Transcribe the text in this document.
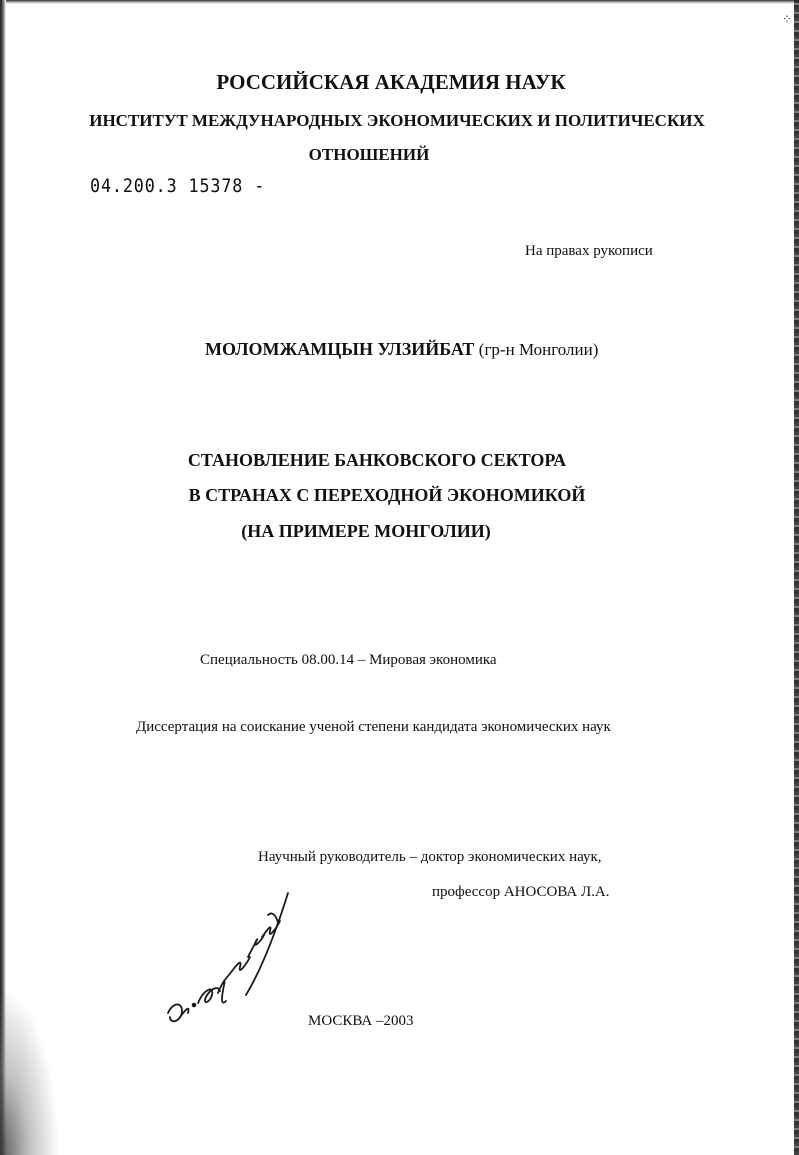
⁘
РОССИЙСКАЯ АКАДЕМИЯ НАУК
ИНСТИТУТ МЕЖДУНАРОДНЫХ ЭКОНОМИЧЕСКИХ И ПОЛИТИЧЕСКИХ
ОТНОШЕНИЙ
04.200.3 15378 -
На правах рукописи
МОЛОМЖАМЦЫН УЛЗИЙБАТ (гр-н Монголии)
СТАНОВЛЕНИЕ БАНКОВСКОГО СЕКТОРА
В СТРАНАХ С ПЕРЕХОДНОЙ ЭКОНОМИКОЙ
(НА ПРИМЕРЕ МОНГОЛИИ)
Специальность 08.00.14 – Мировая экономика
Диссертация на соискание ученой степени кандидата экономических наук
Научный руководитель – доктор экономических наук,
профессор АНОСОВА Л.А.
МОСКВА –2003
